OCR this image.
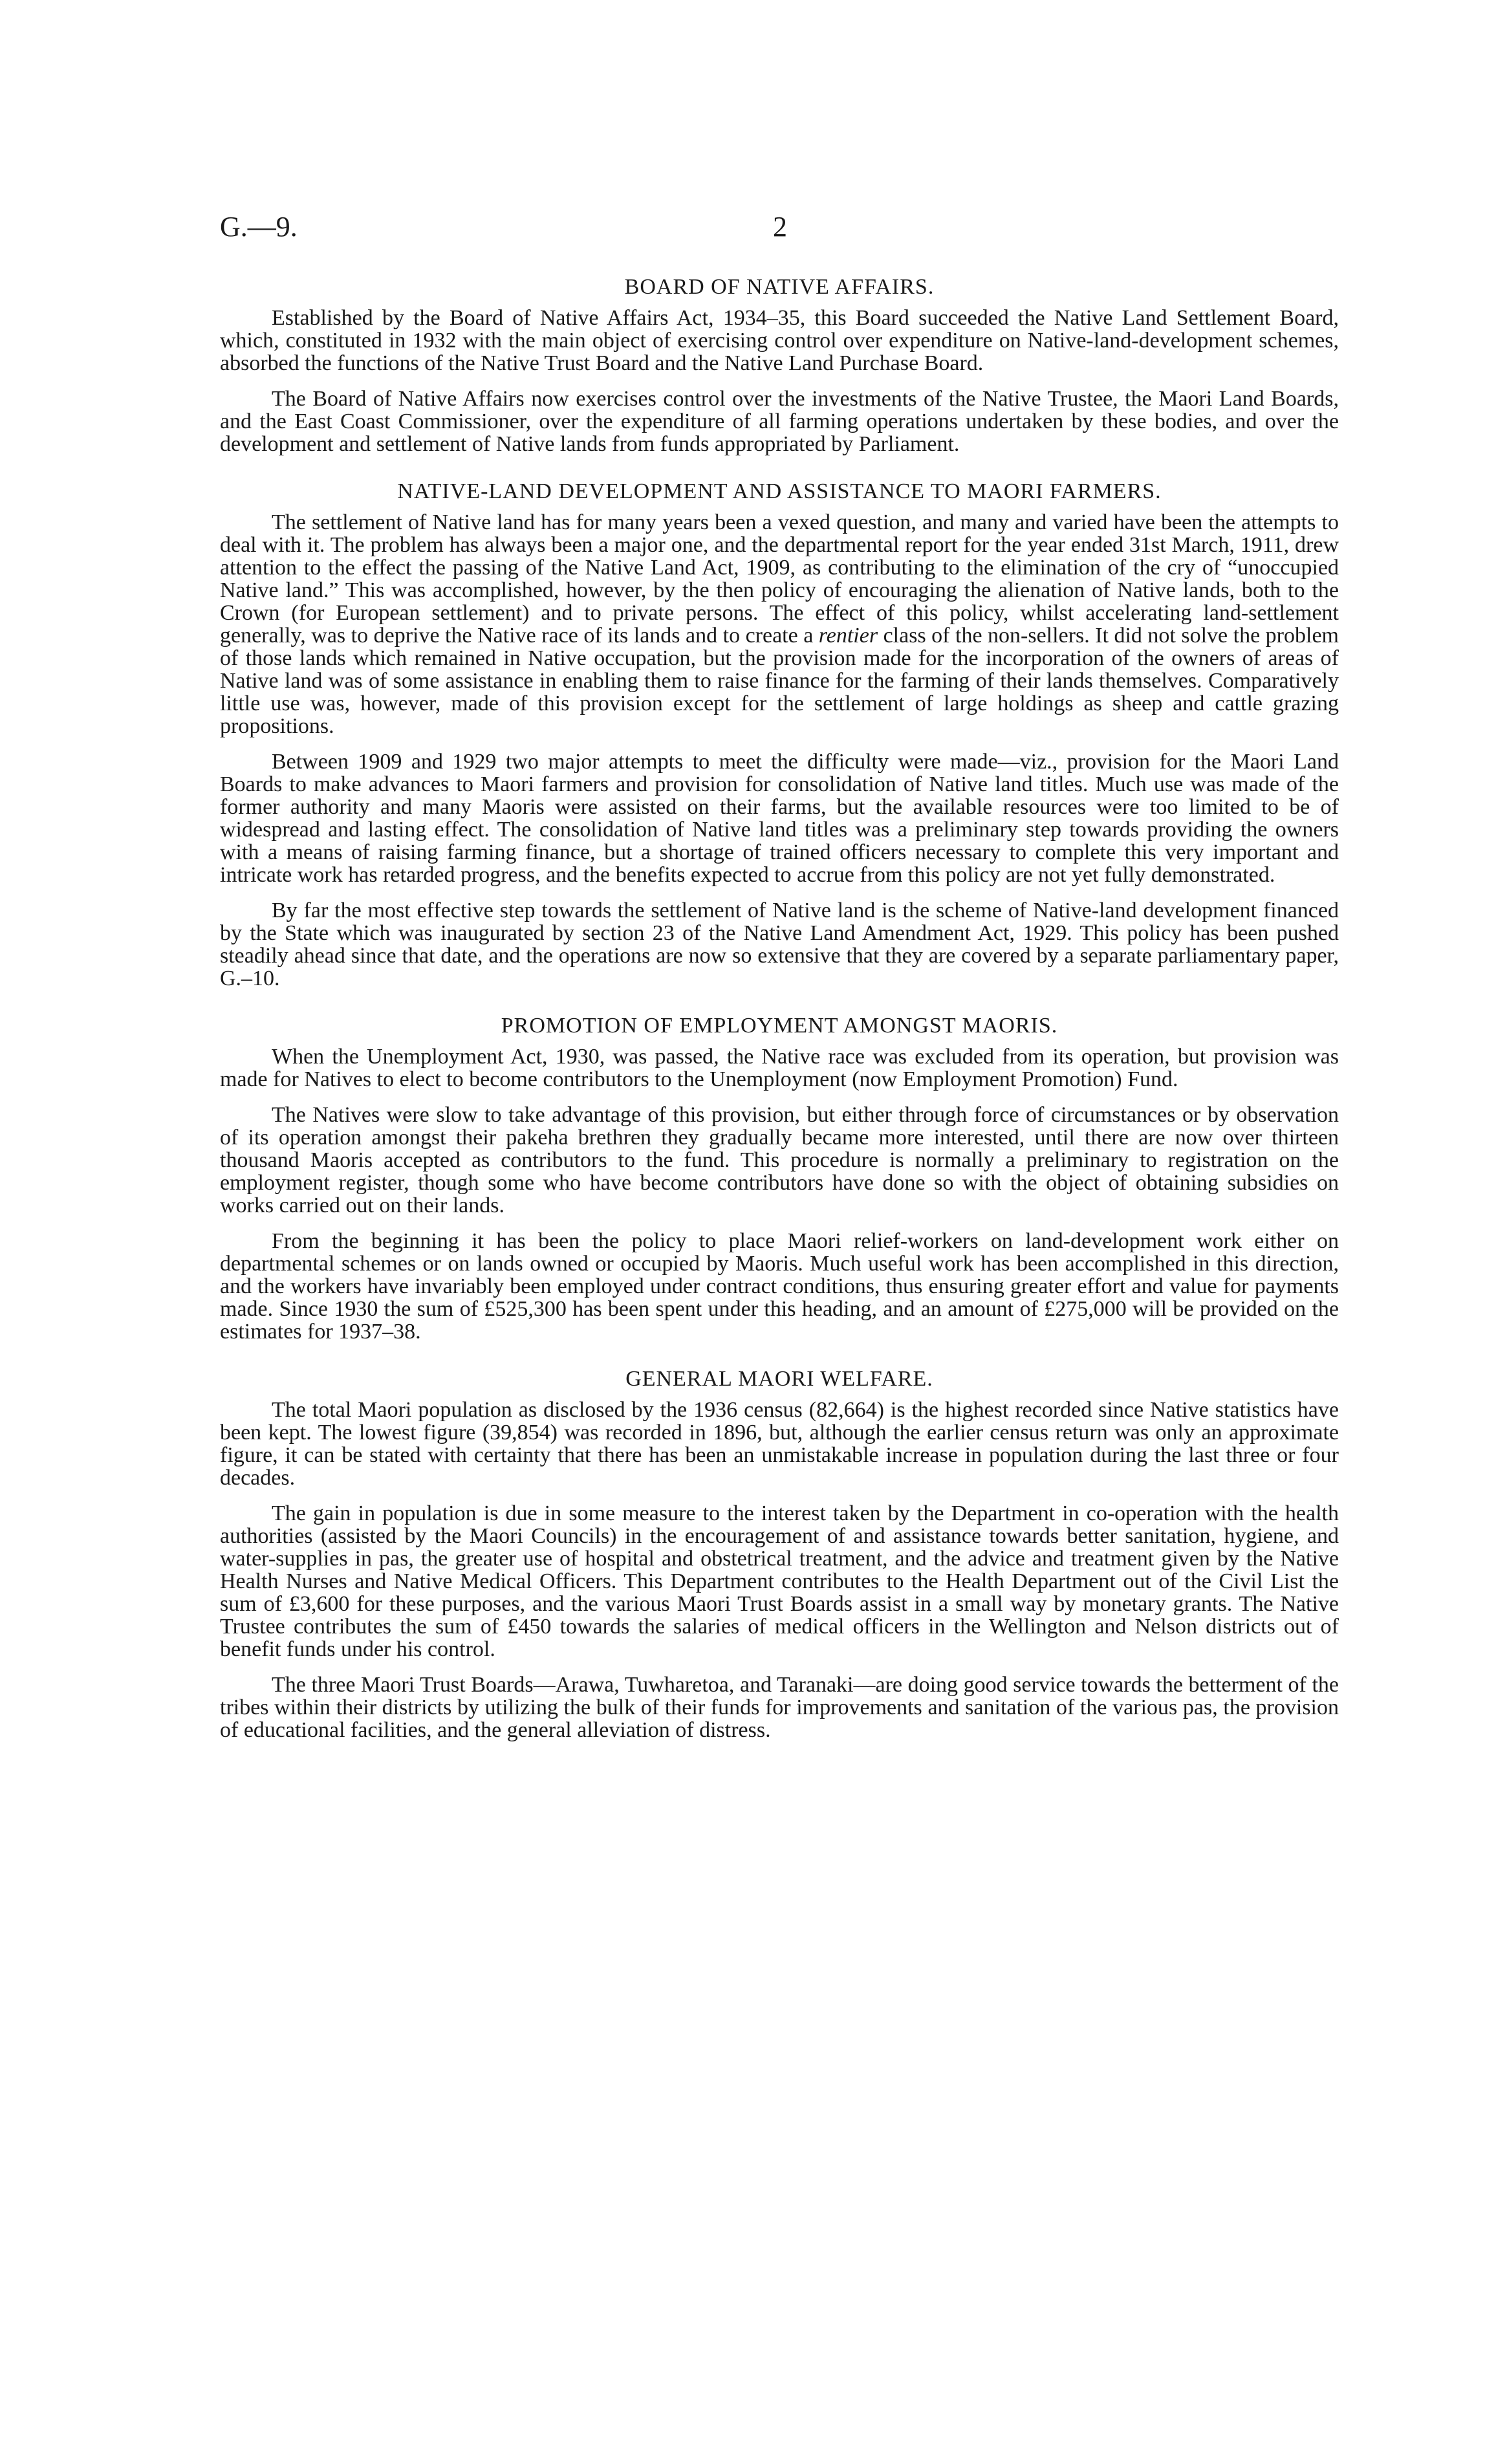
G.—9.	2
BOARD OF NATIVE AFFAIRS.

Established by the Board of Native Affairs Act, 1934–35, this Board succeeded the Native Land Settlement Board, which, constituted in 1932 with the main object of exercising control over expenditure on Native-land-development schemes, absorbed the functions of the Native Trust Board and the Native Land Purchase Board.

The Board of Native Affairs now exercises control over the investments of the Native Trustee, the Maori Land Boards, and the East Coast Commissioner, over the expenditure of all farming operations undertaken by these bodies, and over the development and settlement of Native lands from funds appropriated by Parliament.

NATIVE-LAND DEVELOPMENT AND ASSISTANCE TO MAORI FARMERS.

The settlement of Native land has for many years been a vexed question, and many and varied have been the attempts to deal with it. The problem has always been a major one, and the departmental report for the year ended 31st March, 1911, drew attention to the effect the passing of the Native Land Act, 1909, as contributing to the elimination of the cry of “unoccupied Native land.” This was accomplished, however, by the then policy of encouraging the alienation of Native lands, both to the Crown (for European settlement) and to private persons. The effect of this policy, whilst accelerating land-settlement generally, was to deprive the Native race of its lands and to create a rentier class of the non-sellers. It did not solve the problem of those lands which remained in Native occupation, but the provision made for the incorporation of the owners of areas of Native land was of some assistance in enabling them to raise finance for the farming of their lands themselves. Comparatively little use was, however, made of this provision except for the settlement of large holdings as sheep and cattle grazing propositions.

Between 1909 and 1929 two major attempts to meet the difficulty were made—viz., provision for the Maori Land Boards to make advances to Maori farmers and provision for consolidation of Native land titles. Much use was made of the former authority and many Maoris were assisted on their farms, but the available resources were too limited to be of widespread and lasting effect. The consolidation of Native land titles was a preliminary step towards providing the owners with a means of raising farming finance, but a shortage of trained officers necessary to complete this very important and intricate work has retarded progress, and the benefits expected to accrue from this policy are not yet fully demonstrated.

By far the most effective step towards the settlement of Native land is the scheme of Native-land development financed by the State which was inaugurated by section 23 of the Native Land Amendment Act, 1929. This policy has been pushed steadily ahead since that date, and the operations are now so extensive that they are covered by a separate parliamentary paper, G.–10.

PROMOTION OF EMPLOYMENT AMONGST MAORIS.

When the Unemployment Act, 1930, was passed, the Native race was excluded from its operation, but provision was made for Natives to elect to become contributors to the Unemployment (now Employment Promotion) Fund.

The Natives were slow to take advantage of this provision, but either through force of circumstances or by observation of its operation amongst their pakeha brethren they gradually became more interested, until there are now over thirteen thousand Maoris accepted as contributors to the fund. This procedure is normally a preliminary to registration on the employment register, though some who have become contributors have done so with the object of obtaining subsidies on works carried out on their lands.

From the beginning it has been the policy to place Maori relief-workers on land-development work either on departmental schemes or on lands owned or occupied by Maoris. Much useful work has been accomplished in this direction, and the workers have invariably been employed under contract conditions, thus ensuring greater effort and value for payments made. Since 1930 the sum of £525,300 has been spent under this heading, and an amount of £275,000 will be provided on the estimates for 1937–38.

GENERAL MAORI WELFARE.

The total Maori population as disclosed by the 1936 census (82,664) is the highest recorded since Native statistics have been kept. The lowest figure (39,854) was recorded in 1896, but, although the earlier census return was only an approximate figure, it can be stated with certainty that there has been an unmistakable increase in population during the last three or four decades.

The gain in population is due in some measure to the interest taken by the Department in co-operation with the health authorities (assisted by the Maori Councils) in the encouragement of and assistance towards better sanitation, hygiene, and water-supplies in pas, the greater use of hospital and obstetrical treatment, and the advice and treatment given by the Native Health Nurses and Native Medical Officers. This Department contributes to the Health Department out of the Civil List the sum of £3,600 for these purposes, and the various Maori Trust Boards assist in a small way by monetary grants. The Native Trustee contributes the sum of £450 towards the salaries of medical officers in the Wellington and Nelson districts out of benefit funds under his control.

The three Maori Trust Boards—Arawa, Tuwharetoa, and Taranaki—are doing good service towards the betterment of the tribes within their districts by utilizing the bulk of their funds for improvements and sanitation of the various pas, the provision of educational facilities, and the general alleviation of distress.
